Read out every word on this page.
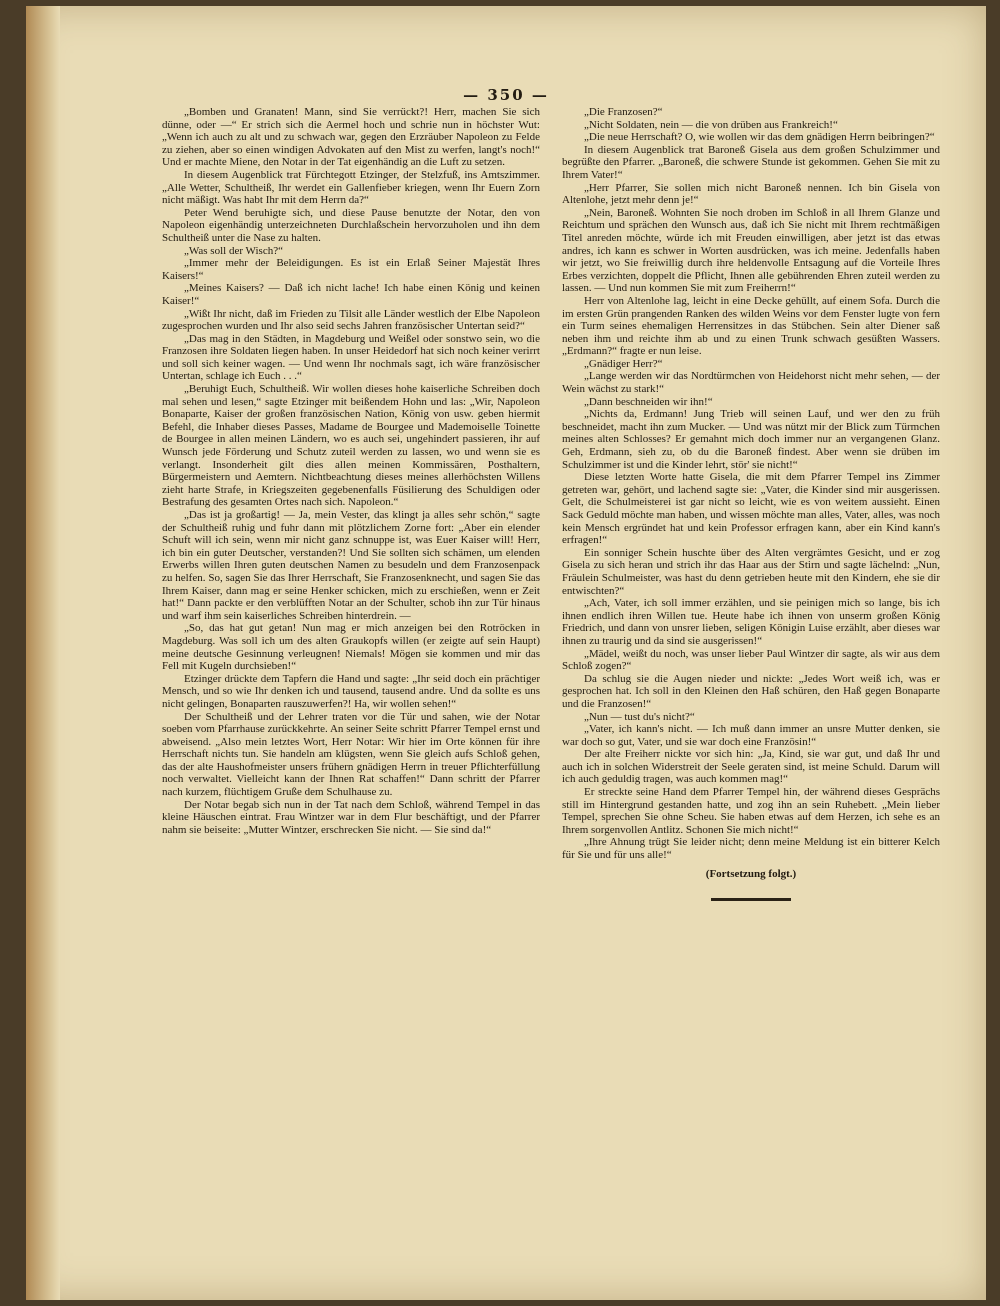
— 350 —

„Bomben und Granaten! Mann, sind Sie verrückt?! Herr, machen Sie sich dünne, oder —“ Er strich sich die Aermel hoch und schrie nun in höchster Wut: „Wenn ich auch zu alt und zu schwach war, gegen den Erzräuber Napoleon zu Felde zu ziehen, aber so einen windigen Advokaten auf den Mist zu werfen, langt's noch!“ Und er machte Miene, den Notar in der Tat eigenhändig an die Luft zu setzen.

In diesem Augenblick trat Fürchtegott Etzinger, der Stelzfuß, ins Amtszimmer. „Alle Wetter, Schultheiß, Ihr werdet ein Gallenfieber kriegen, wenn Ihr Euern Zorn nicht mäßigt. Was habt Ihr mit dem Herrn da?“

Peter Wend beruhigte sich, und diese Pause benutzte der Notar, den von Napoleon eigenhändig unterzeichneten Durchlaßschein hervorzuholen und ihn dem Schultheiß unter die Nase zu halten.

„Was soll der Wisch?“

„Immer mehr der Beleidigungen. Es ist ein Erlaß Seiner Majestät Ihres Kaisers!“

„Meines Kaisers? — Daß ich nicht lache! Ich habe einen König und keinen Kaiser!“

„Wißt Ihr nicht, daß im Frieden zu Tilsit alle Länder westlich der Elbe Napoleon zugesprochen wurden und Ihr also seid sechs Jahren französischer Untertan seid?“

„Das mag in den Städten, in Magdeburg und Weißel oder sonstwo sein, wo die Franzosen ihre Soldaten liegen haben. In unser Heidedorf hat sich noch keiner verirrt und soll sich keiner wagen. — Und wenn Ihr nochmals sagt, ich wäre französischer Untertan, schlage ich Euch . . .“

„Beruhigt Euch, Schultheiß. Wir wollen dieses hohe kaiserliche Schreiben doch mal sehen und lesen,“ sagte Etzinger mit beißendem Hohn und las: „Wir, Napoleon Bonaparte, Kaiser der großen französischen Nation, König von usw. geben hiermit Befehl, die Inhaber dieses Passes, Madame de Bourgee und Mademoiselle Toinette de Bourgee in allen meinen Ländern, wo es auch sei, ungehindert passieren, ihr auf Wunsch jede Förderung und Schutz zuteil werden zu lassen, wo und wenn sie es verlangt. Insonderheit gilt dies allen meinen Kommissären, Posthaltern, Bürgermeistern und Aemtern. Nichtbeachtung dieses meines allerhöchsten Willens zieht harte Strafe, in Kriegszeiten gegebenenfalls Füsilierung des Schuldigen oder Bestrafung des gesamten Ortes nach sich. Napoleon.“

„Das ist ja großartig! — Ja, mein Vester, das klingt ja alles sehr schön,“ sagte der Schultheiß ruhig und fuhr dann mit plötzlichem Zorne fort: „Aber ein elender Schuft will ich sein, wenn mir nicht ganz schnuppe ist, was Euer Kaiser will! Herr, ich bin ein guter Deutscher, verstanden?! Und Sie sollten sich schämen, um elenden Erwerbs willen Ihren guten deutschen Namen zu besudeln und dem Franzosenpack zu helfen. So, sagen Sie das Ihrer Herrschaft, Sie Franzosenknecht, und sagen Sie das Ihrem Kaiser, dann mag er seine Henker schicken, mich zu erschießen, wenn er Zeit hat!“ Dann packte er den verblüfften Notar an der Schulter, schob ihn zur Tür hinaus und warf ihm sein kaiserliches Schreiben hinterdrein. —

„So, das hat gut getan! Nun mag er mich anzeigen bei den Rotröcken in Magdeburg. Was soll ich um des alten Graukopfs willen (er zeigte auf sein Haupt) meine deutsche Gesinnung verleugnen! Niemals! Mögen sie kommen und mir das Fell mit Kugeln durchsieben!“

Etzinger drückte dem Tapfern die Hand und sagte: „Ihr seid doch ein prächtiger Mensch, und so wie Ihr denken ich und tausend, tausend andre. Und da sollte es uns nicht gelingen, Bonaparten rauszuwerfen?! Ha, wir wollen sehen!“

Der Schultheiß und der Lehrer traten vor die Tür und sahen, wie der Notar soeben vom Pfarrhause zurückkehrte. An seiner Seite schritt Pfarrer Tempel ernst und abweisend. „Also mein letztes Wort, Herr Notar: Wir hier im Orte können für ihre Herrschaft nichts tun. Sie handeln am klügsten, wenn Sie gleich aufs Schloß gehen, das der alte Haushofmeister unsers frühern gnädigen Herrn in treuer Pflichterfüllung noch verwaltet. Vielleicht kann der Ihnen Rat schaffen!“ Dann schritt der Pfarrer nach kurzem, flüchtigem Gruße dem Schulhause zu.

Der Notar begab sich nun in der Tat nach dem Schloß, während Tempel in das kleine Häuschen eintrat. Frau Wintzer war in dem Flur beschäftigt, und der Pfarrer nahm sie beiseite: „Mutter Wintzer, erschrecken Sie nicht. — Sie sind da!“

„Die Franzosen?“

„Nicht Soldaten, nein — die von drüben aus Frankreich!“

„Die neue Herrschaft? O, wie wollen wir das dem gnädigen Herrn beibringen?“

In diesem Augenblick trat Baroneß Gisela aus dem großen Schulzimmer und begrüßte den Pfarrer. „Baroneß, die schwere Stunde ist gekommen. Gehen Sie mit zu Ihrem Vater!“

„Herr Pfarrer, Sie sollen mich nicht Baroneß nennen. Ich bin Gisela von Altenlohe, jetzt mehr denn je!“

„Nein, Baroneß. Wohnten Sie noch droben im Schloß in all Ihrem Glanze und Reichtum und sprächen den Wunsch aus, daß ich Sie nicht mit Ihrem rechtmäßigen Titel anreden möchte, würde ich mit Freuden einwilligen, aber jetzt ist das etwas andres, ich kann es schwer in Worten ausdrücken, was ich meine. Jedenfalls haben wir jetzt, wo Sie freiwillig durch ihre heldenvolle Entsagung auf die Vorteile Ihres Erbes verzichten, doppelt die Pflicht, Ihnen alle gebührenden Ehren zuteil werden zu lassen. — Und nun kommen Sie mit zum Freiherrn!“

Herr von Altenlohe lag, leicht in eine Decke gehüllt, auf einem Sofa. Durch die im ersten Grün prangenden Ranken des wilden Weins vor dem Fenster lugte von fern ein Turm seines ehemaligen Herrensitzes in das Stübchen. Sein alter Diener saß neben ihm und reichte ihm ab und zu einen Trunk schwach gesüßten Wassers. „Erdmann?“ fragte er nun leise.

„Gnädiger Herr?“

„Lange werden wir das Nordtürmchen von Heidehorst nicht mehr sehen, — der Wein wächst zu stark!“

„Dann beschneiden wir ihn!“

„Nichts da, Erdmann! Jung Trieb will seinen Lauf, und wer den zu früh beschneidet, macht ihn zum Mucker. — Und was nützt mir der Blick zum Türmchen meines alten Schlosses? Er gemahnt mich doch immer nur an vergangenen Glanz. Geh, Erdmann, sieh zu, ob du die Baroneß findest. Aber wenn sie drüben im Schulzimmer ist und die Kinder lehrt, stör' sie nicht!“

Diese letzten Worte hatte Gisela, die mit dem Pfarrer Tempel ins Zimmer getreten war, gehört, und lachend sagte sie: „Vater, die Kinder sind mir ausgerissen. Gelt, die Schulmeisterei ist gar nicht so leicht, wie es von weitem aussieht. Einen Sack Geduld möchte man haben, und wissen möchte man alles, Vater, alles, was noch kein Mensch ergründet hat und kein Professor erfragen kann, aber ein Kind kann's erfragen!“

Ein sonniger Schein huschte über des Alten vergrämtes Gesicht, und er zog Gisela zu sich heran und strich ihr das Haar aus der Stirn und sagte lächelnd: „Nun, Fräulein Schulmeister, was hast du denn getrieben heute mit den Kindern, ehe sie dir entwischten?“

„Ach, Vater, ich soll immer erzählen, und sie peinigen mich so lange, bis ich ihnen endlich ihren Willen tue. Heute habe ich ihnen von unserm großen König Friedrich, und dann von unsrer lieben, seligen Königin Luise erzählt, aber dieses war ihnen zu traurig und da sind sie ausgerissen!“

„Mädel, weißt du noch, was unser lieber Paul Wintzer dir sagte, als wir aus dem Schloß zogen?“

Da schlug sie die Augen nieder und nickte: „Jedes Wort weiß ich, was er gesprochen hat. Ich soll in den Kleinen den Haß schüren, den Haß gegen Bonaparte und die Franzosen!“

„Nun — tust du's nicht?“

„Vater, ich kann's nicht. — Ich muß dann immer an unsre Mutter denken, sie war doch so gut, Vater, und sie war doch eine Französin!“

Der alte Freiherr nickte vor sich hin: „Ja, Kind, sie war gut, und daß Ihr und auch ich in solchen Widerstreit der Seele geraten sind, ist meine Schuld. Darum will ich auch geduldig tragen, was auch kommen mag!“

Er streckte seine Hand dem Pfarrer Tempel hin, der während dieses Gesprächs still im Hintergrund gestanden hatte, und zog ihn an sein Ruhebett. „Mein lieber Tempel, sprechen Sie ohne Scheu. Sie haben etwas auf dem Herzen, ich sehe es an Ihrem sorgenvollen Antlitz. Schonen Sie mich nicht!“

„Ihre Ahnung trügt Sie leider nicht; denn meine Meldung ist ein bitterer Kelch für Sie und für uns alle!“

(Fortsetzung folgt.)
